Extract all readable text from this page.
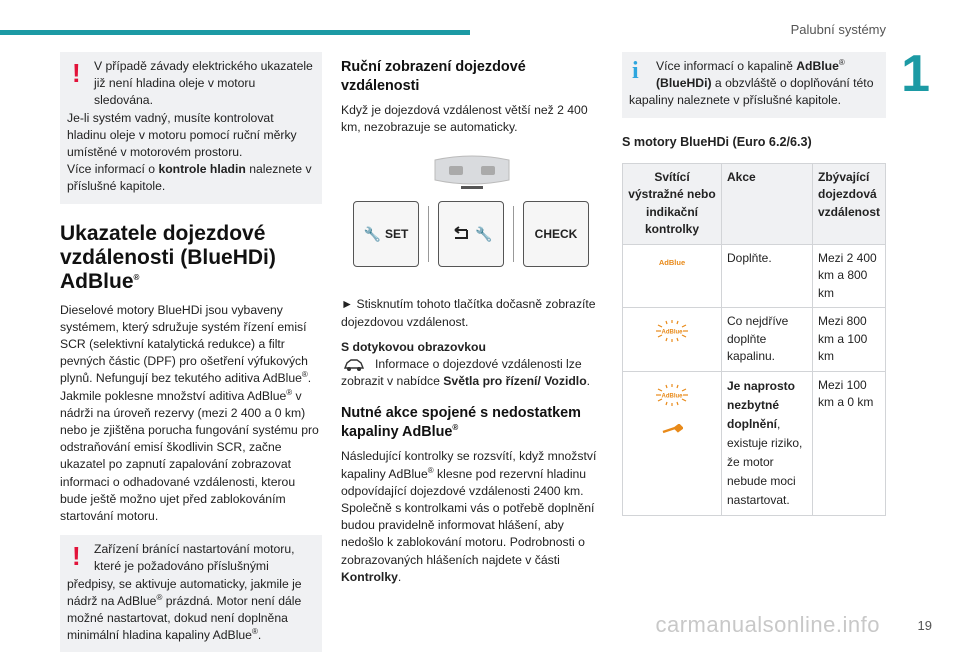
Palubní systémy
1
!	V případě závady elektrického ukazatele
již není hladina oleje v motoru sledována.
Je-li systém vadný, musíte kontrolovat hladinu oleje v motoru pomocí ruční měrky umístěné v motorovém prostoru.
Více informací o kontrole hladin naleznete v příslušné kapitole.
Ukazatele dojezdové vzdálenosti (BlueHDi) AdBlue®
Dieselové motory BlueHDi jsou vybaveny systémem, který sdružuje systém řízení emisí SCR (selektivní katalytická redukce) a filtr pevných částic (DPF) pro ošetření výfukových plynů. Nefungují bez tekutého aditiva AdBlue®.
Jakmile poklesne množství aditiva AdBlue® v nádrži na úroveň rezervy (mezi 2 400 a 0 km) nebo je zjištěna porucha fungování systému pro odstraňování emisí škodlivin SCR, začne ukazatel po zapnutí zapalování zobrazovat informaci o odhadované vzdálenosti, kterou bude ještě možno ujet před zablokováním startování motoru.
!	Zařízení bránící nastartování motoru,
které je požadováno příslušnými
předpisy, se aktivuje automaticky, jakmile je nádrž na AdBlue® prázdná. Motor není dále možné nastartovat, dokud není doplněna minimální hladina kapaliny AdBlue®.
Ruční zobrazení dojezdové vzdálenosti
Když je dojezdová vzdálenost větší než 2 400 km, nezobrazuje se automaticky.
🔧 SET	🔧	CHECK
► Stisknutím tohoto tlačítka dočasně zobrazíte dojezdovou vzdálenost.
S dotykovou obrazovkou
Informace o dojezdové vzdálenosti lze zobrazit v nabídce Světla pro řízení/ Vozidlo.
Nutné akce spojené s nedostatkem kapaliny AdBlue®
Následující kontrolky se rozsvítí, když množství kapaliny AdBlue® klesne pod rezervní hladinu odpovídající dojezdové vzdálenosti 2400 km. Společně s kontrolkami vás o potřebě doplnění budou pravidelně informovat hlášení, aby nedošlo k zablokování motoru. Podrobnosti o zobrazovaných hlášeních najdete v části Kontrolky.
i	Více informací o kapalině AdBlue®
(BlueHDi) a obzvláště o doplňování této
kapaliny naleznete v příslušné kapitole.
S motory BlueHDi (Euro 6.2/6.3)
Svítící výstražné nebo indikační kontrolky	Akce	Zbývající dojezdová vzdálenost
AdBlue	Doplňte.	Mezi 2 400 km a 800 km

AdBlue	Co nejdříve doplňte kapalinu.	Mezi 800 km a 100 km

AdBlue	Je naprosto nezbytné doplnění, existuje riziko, že motor nebude moci nastartovat.	Mezi 100 km a 0 km
carmanualsonline.info	19
